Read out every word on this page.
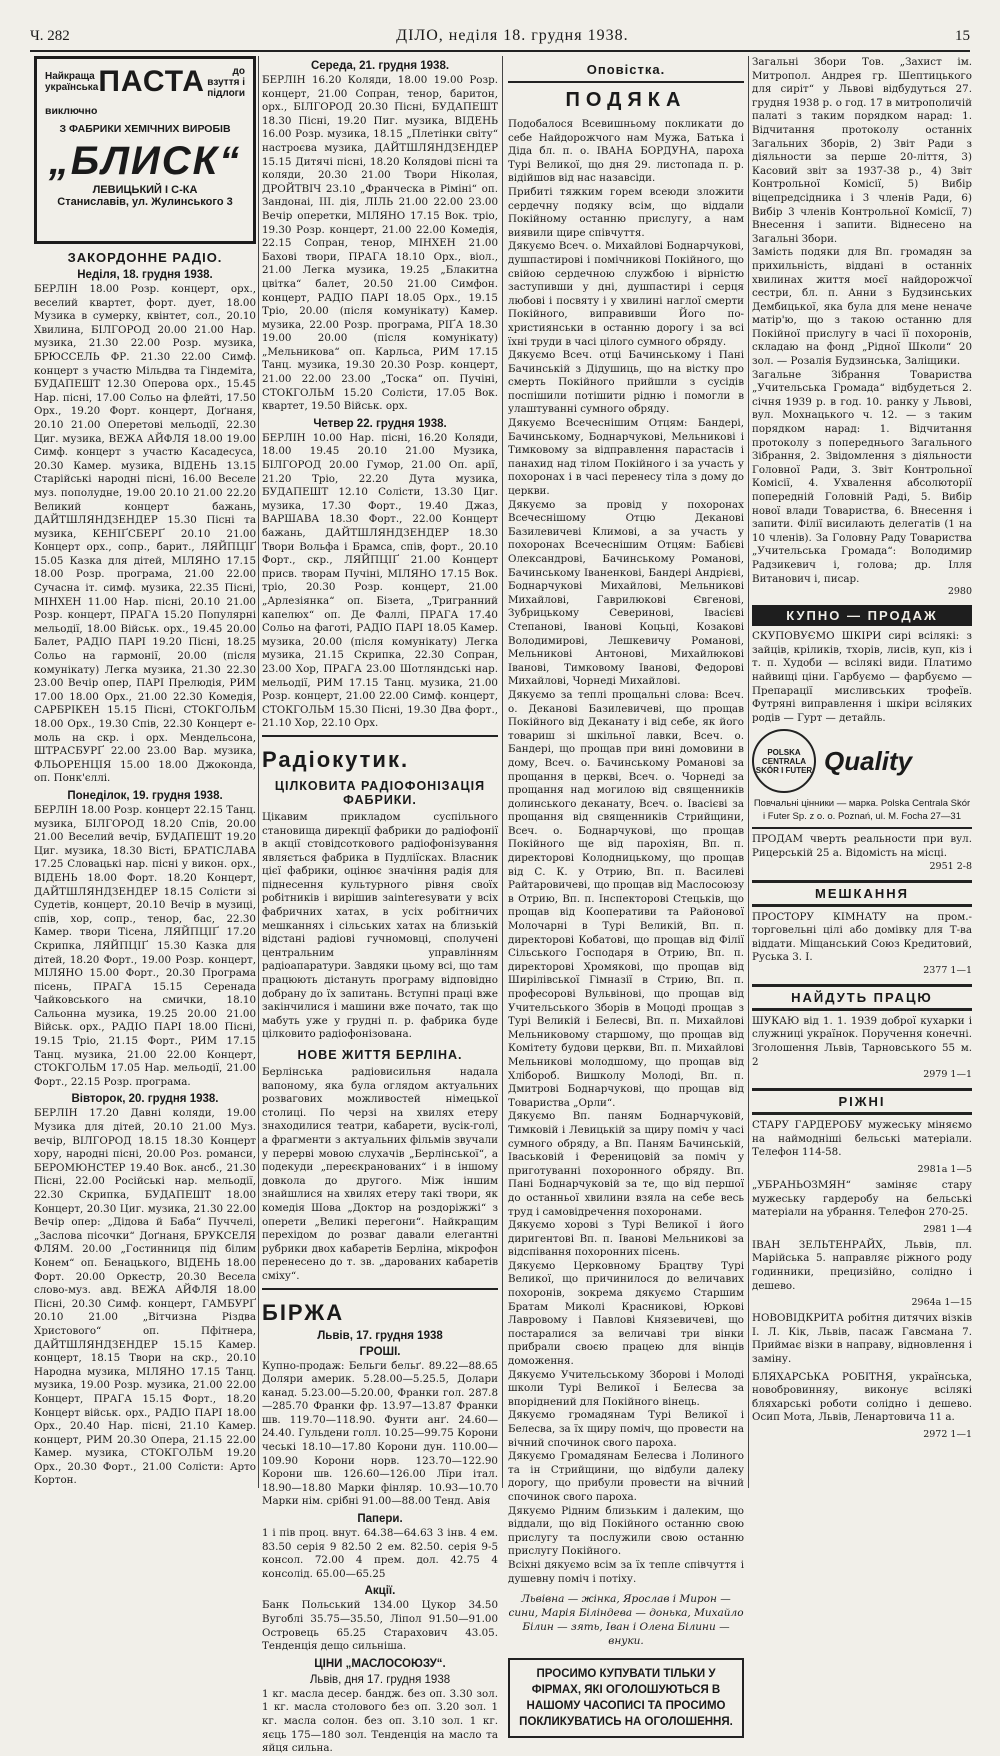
Ч. 282	ДІЛО, неділя 18. грудня 1938.	15
Найкраща українська ПАСТА	до взуття і підлоги
виключно
З ФАБРИКИ ХЕМІЧНИХ ВИРОБІВ
„БЛИСК“
ЛЕВИЦЬКИЙ І С-КА
Станиславів, ул. Жулинського 3
ЗАКОРДОННЕ РАДІО.
Неділя, 18. грудня 1938.

БЕРЛІН 18.00 Розр. концерт, орх., веселий квартет, форт. дует, 18.00 Музика в сумерку, квінтет, сол., 20.10 Хвилина, БІЛГОРОД 20.00 21.00 Нар. музика, 21.30 22.00 Розр. музика, БРЮССЕЛЬ ФР. 21.30 22.00 Симф. концерт з участю Мільдва та Гіндеміта, БУДАПЕШТ 12.30 Оперова орх., 15.45 Нар. пісні, 17.00 Сольо на флейті, 17.50 Орх., 19.20 Форт. концерт, Доґнаня, 20.10 21.00 Оперетові мельодії, 22.30 Циг. музика, ВЕЖА АЙФЛЯ 18.00 19.00 Симф. концерт з участю Касадесуса, 20.30 Камер. музика, ВІДЕНЬ 13.15 Старійські народні пісні, 16.00 Веселе муз. пополудне, 19.00 20.10 21.00 22.20 Великий концерт бажань, ДАЙТШЛЯНДЗЕНДЕР 15.30 Пісні та музика, КЕНІҐСБЕРҐ 20.10 21.00 Концерт орх., сопр., барит., ЛЯЙПЦІҐ 15.05 Казка для дітей, МІЛЯНО 17.15 18.00 Розр. програма, 21.00 22.00 Сучасна іт. симф. музика, 22.35 Пісні, МІНХЕН 11.00 Нар. пісні, 20.10 21.00 Розр. концерт, ПРАГА 15.20 Популярні мельодії, 18.00 Військ. орх., 19.45 20.00 Балет, РАДІО ПАРІ 19.20 Пісні, 18.25 Сольо на гармонії, 20.00 (після комунікату) Легка музика, 21.30 22.30 23.00 Вечір опер, ПАРІ Прелюдія, РИМ 17.00 18.00 Орх., 21.00 22.30 Комедія, САРБРІКЕН 15.15 Пісні, СТОКГОЛЬМ 18.00 Орх., 19.30 Спів, 22.30 Концерт е-моль на скр. і орх. Мендельсона, ШТРАСБУРҐ 22.00 23.00 Вар. музика, ФЛЬОРЕНЦІЯ 15.00 18.00 Джоконда, оп. Понк'єллі.

Понеділок, 19. грудня 1938.

БЕРЛІН 18.00 Розр. концерт 22.15 Танц. музика, БІЛГОРОД 18.20 Спів, 20.00 21.00 Веселий вечір, БУДАПЕШТ 19.20 Циг. музика, 18.30 Вісті, БРАТІСЛАВА 17.25 Словацькі нар. пісні у викон. орх., ВІДЕНЬ 18.00 Форт. 18.20 Концерт, ДАЙТШЛЯНДЗЕНДЕР 18.15 Солісти зі Судетів, концерт, 20.10 Вечір в музиці, спів, хор, сопр., тенор, бас, 22.30 Камер. твори Тісена, ЛЯЙПЦІҐ 17.20 Скрипка, ЛЯЙПЦІҐ 15.30 Казка для дітей, 18.20 Форт., 19.00 Розр. концерт, МІЛЯНО 15.00 Форт., 20.30 Програма пісень, ПРАГА 15.15 Серенада Чайковського на смички, 18.10 Сальонна музика, 19.25 20.00 21.00 Військ. орх., РАДІО ПАРІ 18.00 Пісні, 19.15 Тріо, 21.15 Форт., РИМ 17.15 Танц. музика, 21.00 22.00 Концерт, СТОКГОЛЬМ 17.05 Нар. мельодії, 21.00 Форт., 22.15 Розр. програма.

Вівторок, 20. грудня 1938.

БЕРЛІН 17.20 Давні коляди, 19.00 Музика для дітей, 20.10 21.00 Муз. вечір, ВІЛГОРОД 18.15 18.30 Концерт хору, народні пісні, 20.00 Роз. романси, БЕРОМЮНСТЕР 19.40 Вок. ансб., 21.30 Пісні, 22.00 Російські нар. мельодії, 22.30 Скрипка, БУДАПЕШТ 18.00 Концерт, 20.30 Циг. музика, 21.30 22.00 Вечір опер: „Дідова й Баба“ Пуччелі, „Заслова пісочки“ Доґнаня, БРУКСЕЛЯ ФЛЯМ. 20.00 „Гостинниця під білим Конем“ оп. Бенацького, ВІДЕНЬ 18.00 Форт. 20.00 Оркестр, 20.30 Весела слово-муз. авд. ВЕЖА АЙФЛЯ 18.00 Пісні, 20.30 Симф. концерт, ГАМБУРҐ 20.10 21.00 „Вітчизна Різдва Христового“ оп. Пфітнера, ДАЙТШЛЯНДЗЕНДЕР 15.15 Камер. концерт, 18.15 Твори на скр., 20.10 Народна музика, МІЛЯНО 17.15 Танц. музика, 19.00 Розр. музика, 21.00 22.00 Концерт, ПРАГА 15.15 Форт., 18.20 Концерт військ. орх., РАДІО ПАРІ 18.00 Орх., 20.40 Нар. пісні, 21.10 Камер. концерт, РИМ 20.30 Опера, 21.15 22.00 Камер. музика, СТОКГОЛЬМ 19.20 Орх., 20.30 Форт., 21.00 Солісти: Арто Кортон.

Середа, 21. грудня 1938.

БЕРЛІН 16.20 Коляди, 18.00 19.00 Розр. концерт, 21.00 Сопран, тенор, баритон, орх., БІЛГОРОД 20.30 Пісні, БУДАПЕШТ 18.30 Пісні, 19.20 Пиг. музика, ВІДЕНЬ 16.00 Розр. музика, 18.15 „Плетінки світу“ настроєва музика, ДАЙТШЛЯНДЗЕНДЕР 15.15 Дитячі пісні, 18.20 Колядові пісні та коляди, 20.30 21.00 Твори Ніколая, ДРОЙТВІЧ 23.10 „Франческа в Ріміні“ оп. Зандонаі, ІІІ. дія, ЛІЛЬ 21.00 22.00 23.00 Вечір оперетки, МІЛЯНО 17.15 Вок. тріо, 19.30 Розр. концерт, 21.00 22.00 Комедія, 22.15 Сопран, тенор, МІНХЕН 21.00 Бахові твори, ПРАГА 18.10 Орх., віол., 21.00 Легка музика, 19.25 „Блакитна цвітка“ балет, 20.50 21.00 Симфон. концерт, РАДІО ПАРІ 18.05 Орх., 19.15 Тріо, 20.00 (після комунікату) Камер. музика, 22.00 Розр. програма, РІҐА 18.30 19.00 20.00 (після комунікату) „Мельникова“ оп. Карльса, РИМ 17.15 Танц. музика, 19.30 20.30 Розр. концерт, 21.00 22.00 23.00 „Тоска“ оп. Пучіні, СТОКГОЛЬМ 15.20 Солісти, 17.05 Вок. квартет, 19.50 Військ. орх.

Четвер 22. грудня 1938.

БЕРЛІН 10.00 Нар. пісні, 16.20 Коляди, 18.00 19.45 20.10 21.00 Музика, БІЛГОРОД 20.00 Гумор, 21.00 Оп. арії, 21.20 Тріо, 22.20 Дута музика, БУДАПЕШТ 12.10 Солісти, 13.30 Циг. музика, 17.30 Форт., 19.40 Джаз, ВАРШАВА 18.30 Форт., 22.00 Концерт бажань, ДАЙТШЛЯНДЗЕНДЕР 18.30 Твори Вольфа і Брамса, спів, форт., 20.10 Форт., скр., ЛЯЙПЦІҐ 21.00 Концерт присв. творам Пучіні, МІЛЯНО 17.15 Вок. тріо, 20.30 Розр. концерт, 21.00 „Арлезіянка“ оп. Бізета, „Тригранний капелюх“ оп. Де Фаллі, ПРАГА 17.40 Сольо на фаготі, РАДІО ПАРІ 18.05 Камер. музика, 20.00 (після комунікату) Легка музика, 21.15 Скрипка, 22.30 Сопран, 23.00 Хор, ПРАГА 23.00 Шотляндські нар. мельодії, РИМ 17.15 Танц. музика, 21.00 Розр. концерт, 21.00 22.00 Симф. концерт, СТОКГОЛЬМ 15.30 Пісні, 19.30 Два форт., 21.10 Хор, 22.10 Орх.

Радіокутик.
ЦІЛКОВИТА РАДІОФОНІЗАЦІЯ ФАБРИКИ.

Цікавим прикладом суспільного становища дирекції фабрики до радіофонії в акції стовідсоткового радіофонізування являється фабрика в Пудліїсках. Власник цієї фабрики, оцінює значіння радія для піднесення культурного рівня своїх робітників і вирішив зainteresувати у всіх фабричних хатах, в усіх робітничих мешканнях і сільських хатах на близькій відстані радіові гучномовці, сполучені центральним управлінням радіоапаратури. Завдяки цьому всі, що там працюють дістануть програму відповідно добрану до їх запитань. Вступні праці вже закінчилися і машини вже почато, так що мабуть уже у грудні п. р. фабрика буде цілковито радіофонізована.

НОВЕ ЖИТТЯ БЕРЛІНА.

Берлінська радіовисильня надала вапоному, яка була оглядом актуальних розвагових можливостей німецької столиці. По черзі на хвилях етеру знаходилися театри, кабарети, вусік-голі, а фрагменти з актуальних фільмів звучали у перерві мовою слухачів „Берлінської“, а подекуди „переєкранованих“ і в іншому довкола до другого. Між іншим знайшлися на хвилях етеру такі твори, як комедія Шова „Доктор на роздоріжжі“ з оперети „Великі перегони“. Найкращим перехідом до розваг давали елегантні рубрики двох кабаретів Берліна, мікрофон перенесено до т. зв. „дарованих кабаретів сміху“.

БІРЖА
Львів, 17. грудня 1938
ГРОШІ.

Купно-продаж: Бельги бельґ. 89.22—88.65 Доляри америк. 5.28.00—5.25.5, Долари канад. 5.23.00—5.20.00, Франки гол. 287.8—285.70 Франки фр. 13.97—13.87 Франки шв. 119.70—118.90. Фунти анґ. 24.60—24.40. Гульдени голл. 10.25—99.75 Корони чеські 18.10—17.80 Корони дун. 110.00—109.90 Корони норв. 123.70—122.90 Корони шв. 126.60—126.00 Лїри італ. 18.90—18.80 Марки фінляр. 10.93—10.70 Марки нім. срібні 91.00—88.00 Тенд. Авія

Папери.

1 і пів проц. внут. 64.38—64.63 3 інв. 4 ем. 83.50 серія 9 82.50 2 ем. 82.50. серія 9-5 консол. 72.00 4 прем. дол. 42.75 4 консолід. 65.00—65.25

Акції.

Банк Польський 134.00 Цукор 34.50 Вугоблі 35.75—35.50, Ліпол 91.50—91.00 Островець 65.25 Старахович 43.05. Тенденція дещо сильніша.

ЦІНИ „МАСЛОСОЮЗУ“.
Львів, дня 17. грудня 1938

1 кг. масла десер. бандж. без оп. 3.30 зол. 1 кг. масла столового без оп. 3.20 зол. 1 кг. масла солон. без оп. 3.10 зол. 1 кг. яєць 175—180 зол. Тенденція на масло та яйця сильна.

Оповістка.
ПОДЯКА

Подобалося Всевишньому покликати до себе Найдорожчого нам Мужа, Батька і Діда бл. п. о. ІВАНА БОРДУНА, пароха Турі Великої, що дня 29. листопада п. р. відійшов від нас назавсіди.

Прибиті тяжким горем всеюди зложити сердечну подяку всім, що віддали Покійному останню прислугу, а нам виявили щире співчуття.

Дякуємо Всеч. о. Михайлові Боднарчукові, душпастирові і помічникові Покійного, що свійою сердечною службою і вірністю заступивши у дні, душпастирі і серця любові і посвяту і у хвилині наглої смерти Покійного, виправивши Його по-християнськи в останню дорогу і за всі їхні труди в часі цілого сумного обряду.

Дякуємо Всеч. отці Бачинському і Пані Бачинській з Дідушиць, що на вістку про смерть Покійного прийшли з сусідів поспішили потішити рідню і помогли в улаштуванні сумного обряду.

Дякуємо Всечеснішим Отцям: Бандері, Бачинському, Боднарчукові, Мельникові і Тимковому за відправлення парастасів і панахид над тілом Покійного і за участь у похоронах і в часі перенесу тіла з дому до церкви.

Дякуємо за провід у похоронах Всечеснішому Отцю Деканові Базилевичеві Климові, а за участь у похоронах Всечеснішим Отцям: Бабієві Олександрові, Бачинському Романові, Бачинському Іваненкові, Бандері Андрієві, Боднарчукові Михайлові, Мельникові Михайлові, Гаврилюкові Євгенові, Зубрицькому Северинові, Івасієві Степанові, Іванові Коцьці, Козакові Володимирові, Лешкевичу Романові, Мельникові Антонові, Михайлюкові Іванові, Тимковому Іванові, Федорові Михайлові, Чорнеді Михайлові.

Дякуємо за теплі прощальні слова: Всеч. о. Деканові Базилевичеві, що прощав Покійного від Деканату і від себе, як його товариш зі шкільної лавки, Всеч. о. Бандері, що прощав при вині домовини в дому, Всеч. о. Бачинському Романові за прощання в церкві, Всеч. о. Чорнеді за прощання над могилою від священників долинського деканату, Всеч. о. Івасієві за прощання від священників Стрийщини, Всеч. о. Боднарчукові, що прощав Покійного ще від парохіян, Вп. п. директорові Колодницькому, що прощав від С. К. у Отрию, Вп. п. Василеві Райтаровичеві, що прощав від Маслосоюзу в Отрию, Вп. п. Інспекторові Стецьків, що прощав від Кооперативи та Районової Молочарні в Турі Великій, Вп. п. директорові Кобатові, що прощав від Філії Сільського Господаря в Отрию, Вп. п. директорові Хромякові, що прощав від Ширілівської Гімназії в Стрию, Вп. п. професорові Вульвінові, що прощав від Учительського Зборів в Моцоді прощав з Турі Великій і Белесві, Вп. п. Михайлові Мельниковому старшому, що прощав від Комітету будови церкви, Вп. п. Михайлові Мельникові молодшому, що прощав від Хлібороб. Вишколу Молоді, Вп. п. Дмитрові Боднарчукові, що прощав від Товариства „Орли“.

Дякуємо Вп. паням Боднарчуковій, Тимковій і Левицькій за щиру поміч у часі сумного обряду, а Вп. Паням Бачинській, Іваськовій і Ференицовій за поміч у приготуванні похоронного обряду. Вп. Пані Боднарчуковій за те, що від першої до останньої хвилини взяла на себе весь труд і самовідречення похоронами.

Дякуємо хорові з Турі Великої і його диригентові Вп. п. Іванові Мельникові за відспівання похоронних пісень.

Дякуємо Церковному Брацтву Турі Великої, що причинилося до величавих похоронів, зокрема дякуємо Старшим Братам Миколі Красникові, Юркові Лавровому і Павлові Князевичеві, що постаралися за величаві три вінки прибрали своєю працею для вінців доможення.

Дякуємо Учительському Зборові і Молоді школи Турі Великої і Белесва за впоріднений для Покійного вінець.

Дякуємо громадянам Турі Великої і Белесва, за їх щиру поміч, що провести на вічний спочинок свого пароха.

Дякуємо Громадянам Белесва і Лолиного та ін Стрийщини, що відбули далеку дорогу, що прибули провести на вічний спочинок свого пароха.

Дякуємо Рідним близьким і далеким, що віддали, що від Покійного останню свою прислугу та послужили свою останню прислугу Покійного.

Всіхні дякуємо всім за їх тепле співчуття і душевну поміч і потіху.

Львівна — жінка, Ярослав і Мирон — сини, Марія Біліндева — донька, Михайло Білин — зять, Іван і Олена Білини — внуки.
ПРОСИМО КУПУВАТИ ТІЛЬКИ У ФІРМАХ, ЯКІ ОГОЛОШУЮТЬСЯ В НАШОМУ ЧАСОПИСІ ТА ПРОСИМО ПОКЛИКУВАТИСЬ НА ОГОЛОШЕННЯ.

Загальні Збори Тов. „Захист ім. Митропол. Андрея гр. Шептицького для сиріт“ у Львові відбудуться 27. грудня 1938 р. о год. 17 в митрополичій палаті з таким порядком нарад: 1. Відчитання протоколу останніх Загальних Зборів, 2) Звіт Ради з діяльности за перше 20-ліття, 3) Касовий звіт за 1937-38 р., 4) Звіт Контрольної Комісії, 5) Вибір віцепредсідника і 3 членів Ради, 6) Вибір 3 членів Контрольної Комісії, 7) Внесення і запити. Віднесено на Загальні Збори.

Замість подяки для Вп. громадян за прихильність, віддані в останніх хвилинах життя моєї найдорожчої сестри, бл. п. Анни з Будзинських Дембицької, яка була для мене неначе матір'ю, що з такою останню для Покійної прислугу в часі її похоронів, складаю на фонд „Рідної Школи“ 20 зол. — Розалія Будзинська, Заліщики.

Загальне Зібрання Товариства „Учительська Громада“ відбудеться 2. січня 1939 р. в год. 10. ранку у Львові, вул. Мохнацького ч. 12. — з таким порядком нарад: 1. Відчитання протоколу з попереднього Загального Зібрання, 2. Звідомлення з діяльности Головної Ради, 3. Звіт Контрольної Комісії, 4. Ухвалення абсолюторії попередній Головній Раді, 5. Вибір нової влади Товариства, 6. Внесення і запити. Філії висилають делегатів (1 на 10 членів). За Головну Раду Товариства „Учительська Громада“: Володимир Радзикевич і, голова; др. Ілля Витанович і, писар.

2980
КУПНО — ПРОДАЖ

СКУПОВУЄМО ШКІРИ сирі всілякі: з зайців, кріликів, тхорів, лисів, куп, кіз і т. п. Худоби — всілякі види. Платимо найвищі ціни. Гарбуємо — фарбуємо — Препарації мисливських трофеїв. Футряні виправлення і шкіри всіляких родів — Гурт — детайль.

POLSKA CENTRALA SKÓR I FUTER Quality
Повчальні цінники — марка. Polska Centrala Skór i Futer Sp. z o. o. Poznań, ul. M. Focha 27—31

ПРОДАМ чверть реальности при вул. Рицерській 25 а. Відомість на місці.

2951 2-8
МЕШКАННЯ

ПРОСТОРУ КІМНАТУ на пром.-торговельні цілі або домівку для Т-ва віддати. Міщанський Союз Кредитовий, Руська 3. І.

2377 1—1
НАЙДУТЬ ПРАЦЮ

ШУКАЮ від 1. 1. 1939 доброї кухарки і служниці українок. Поручення конечні. Зголошення Львів, Тарновського 55 м. 2

2979 1—1
РІЖНІ

СТАРУ ГАРДЕРОБУ мужеську міняємо на наймодніші бельські матеріали. Телефон 114-58.

2981а 1—5

„УБРАНЬОЗМЯН“ заміняє стару мужеську гардеробу на бельські матеріали на убрання. Телефон 270-25.

2981 1—4

ІВАН ЗЕЛЬТЕНРАЙХ, Львів, пл. Марійська 5. направляє ріжного роду годинники, прецизійно, солідно і дешево.

2964а 1—15

НОВОВІДКРИТА робітня дитячих візків І. Л. Кік, Львів, пасаж Гавсмана 7. Приймає візки в направу, відновлення і заміну.

БЛЯХАРСЬКА РОБІТНЯ, українська, новобровинняу, виконує всілякі бляхарські роботи солідно і дешево. Осип Мота, Львів, Ленартовича 11 а.

2972 1—1
